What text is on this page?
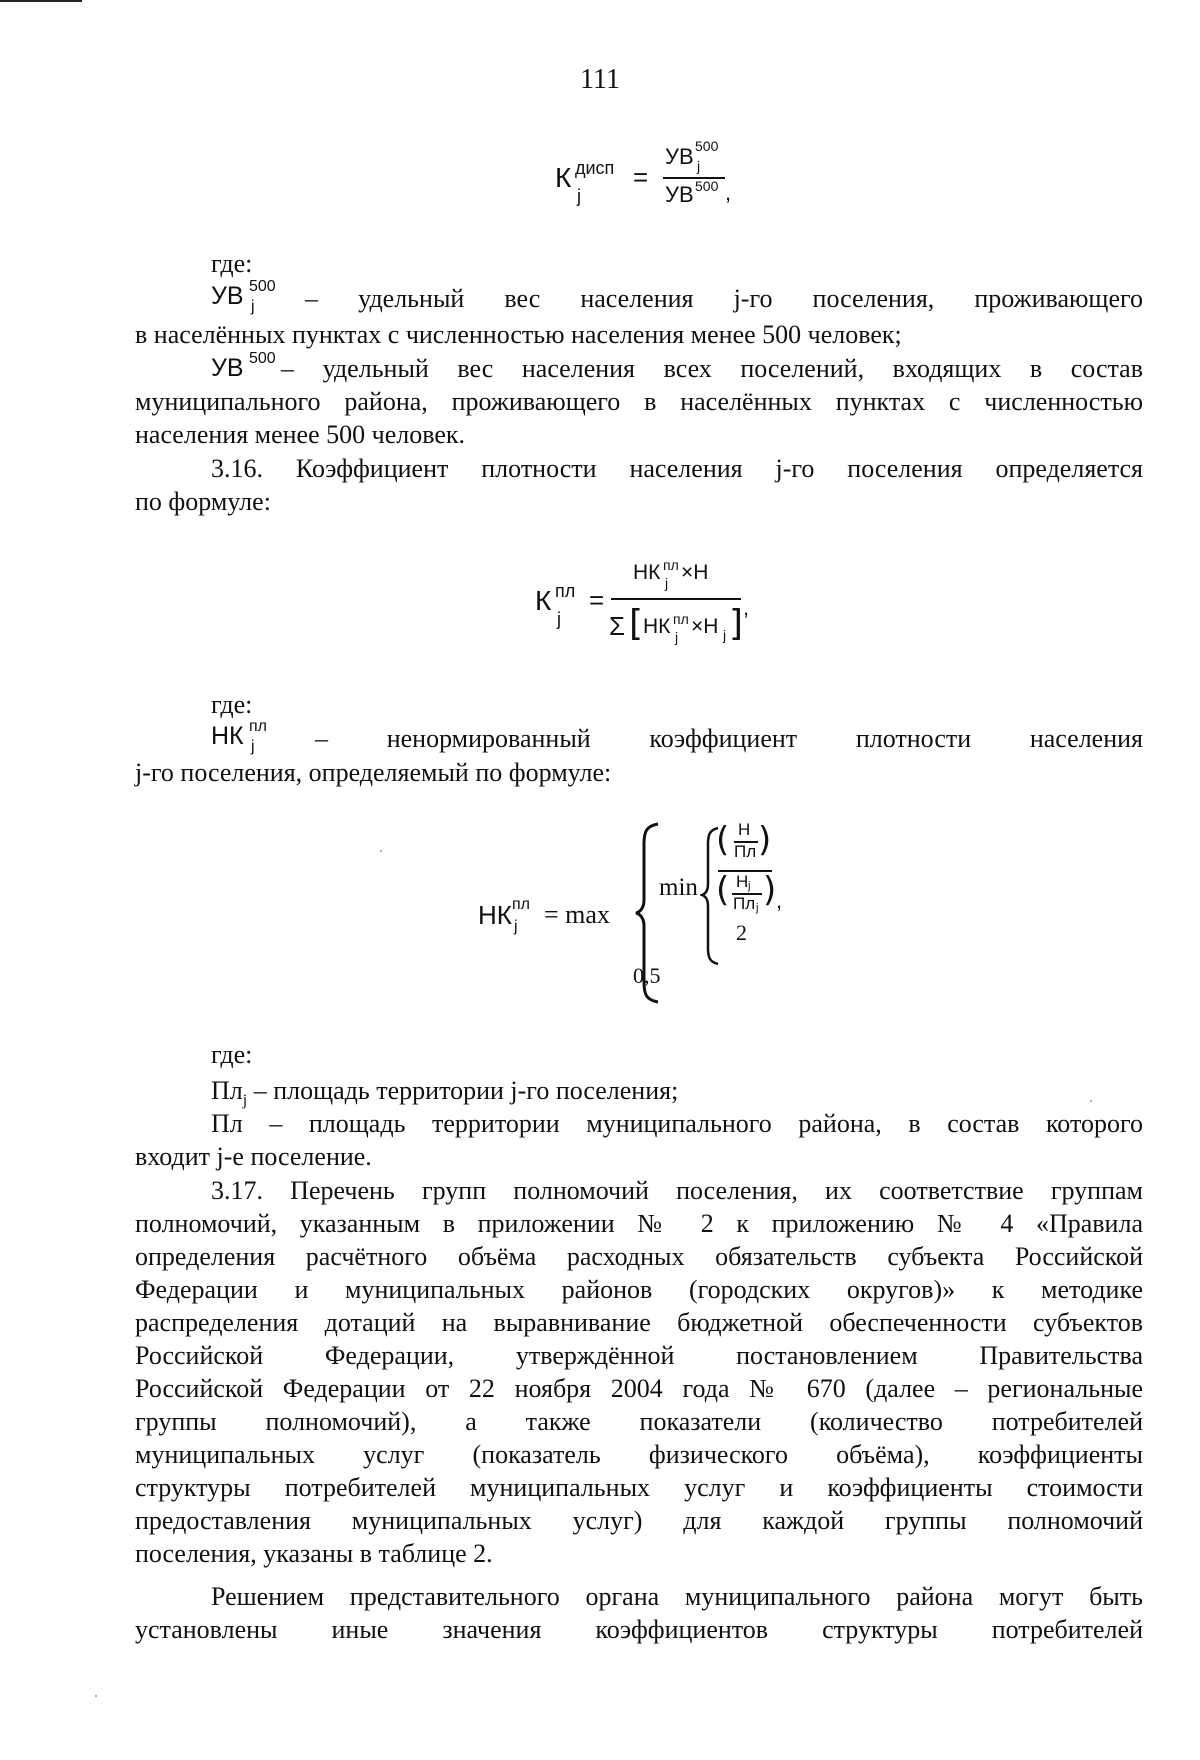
111
К дисп
j
=
УВ 500
j
УВ 500 ,
где:
УВ 500
j – удельный вес населения j-го поселения, проживающего

в населённых пунктах с численностью населения менее 500 человек;

УВ 500 – удельный вес населения всех поселений, входящих в состав

муниципального района, проживающего в населённых пунктах с численностью

населения менее 500 человек.

3.16. Коэффициент плотности населения j-го поселения определяется

по формуле:

К пл
j
=
НК пл
j ×Н
Σ [ НК пл
j ×Н j ] ,
где:
НК пл
j – ненормированный коэффициент плотности населения

j-го поселения, определяемый по формуле:

НК пл
j = max
min
( Н
Пл )
( Н j
Пл j ) ,
2
0,5
где:

$Пл_j$ – площадь территории j-го поселения;

Пл – площадь территории муниципального района, в состав которого

входит j-е поселение.

3.17. Перечень групп полномочий поселения, их соответствие группам

полномочий, указанным в приложении № 2 к приложению № 4 «Правила

определения расчётного объёма расходных обязательств субъекта Российской

Федерации и муниципальных районов (городских округов)» к методике

распределения дотаций на выравнивание бюджетной обеспеченности субъектов

Российской Федерации, утверждённой постановлением Правительства

Российской Федерации от 22 ноября 2004 года № 670 (далее – региональные

группы полномочий), а также показатели (количество потребителей

муниципальных услуг (показатель физического объёма), коэффициенты

структуры потребителей муниципальных услуг и коэффициенты стоимости

предоставления муниципальных услуг) для каждой группы полномочий

поселения, указаны в таблице 2.

Решением представительного органа муниципального района могут быть

установлены иные значения коэффициентов структуры потребителей
